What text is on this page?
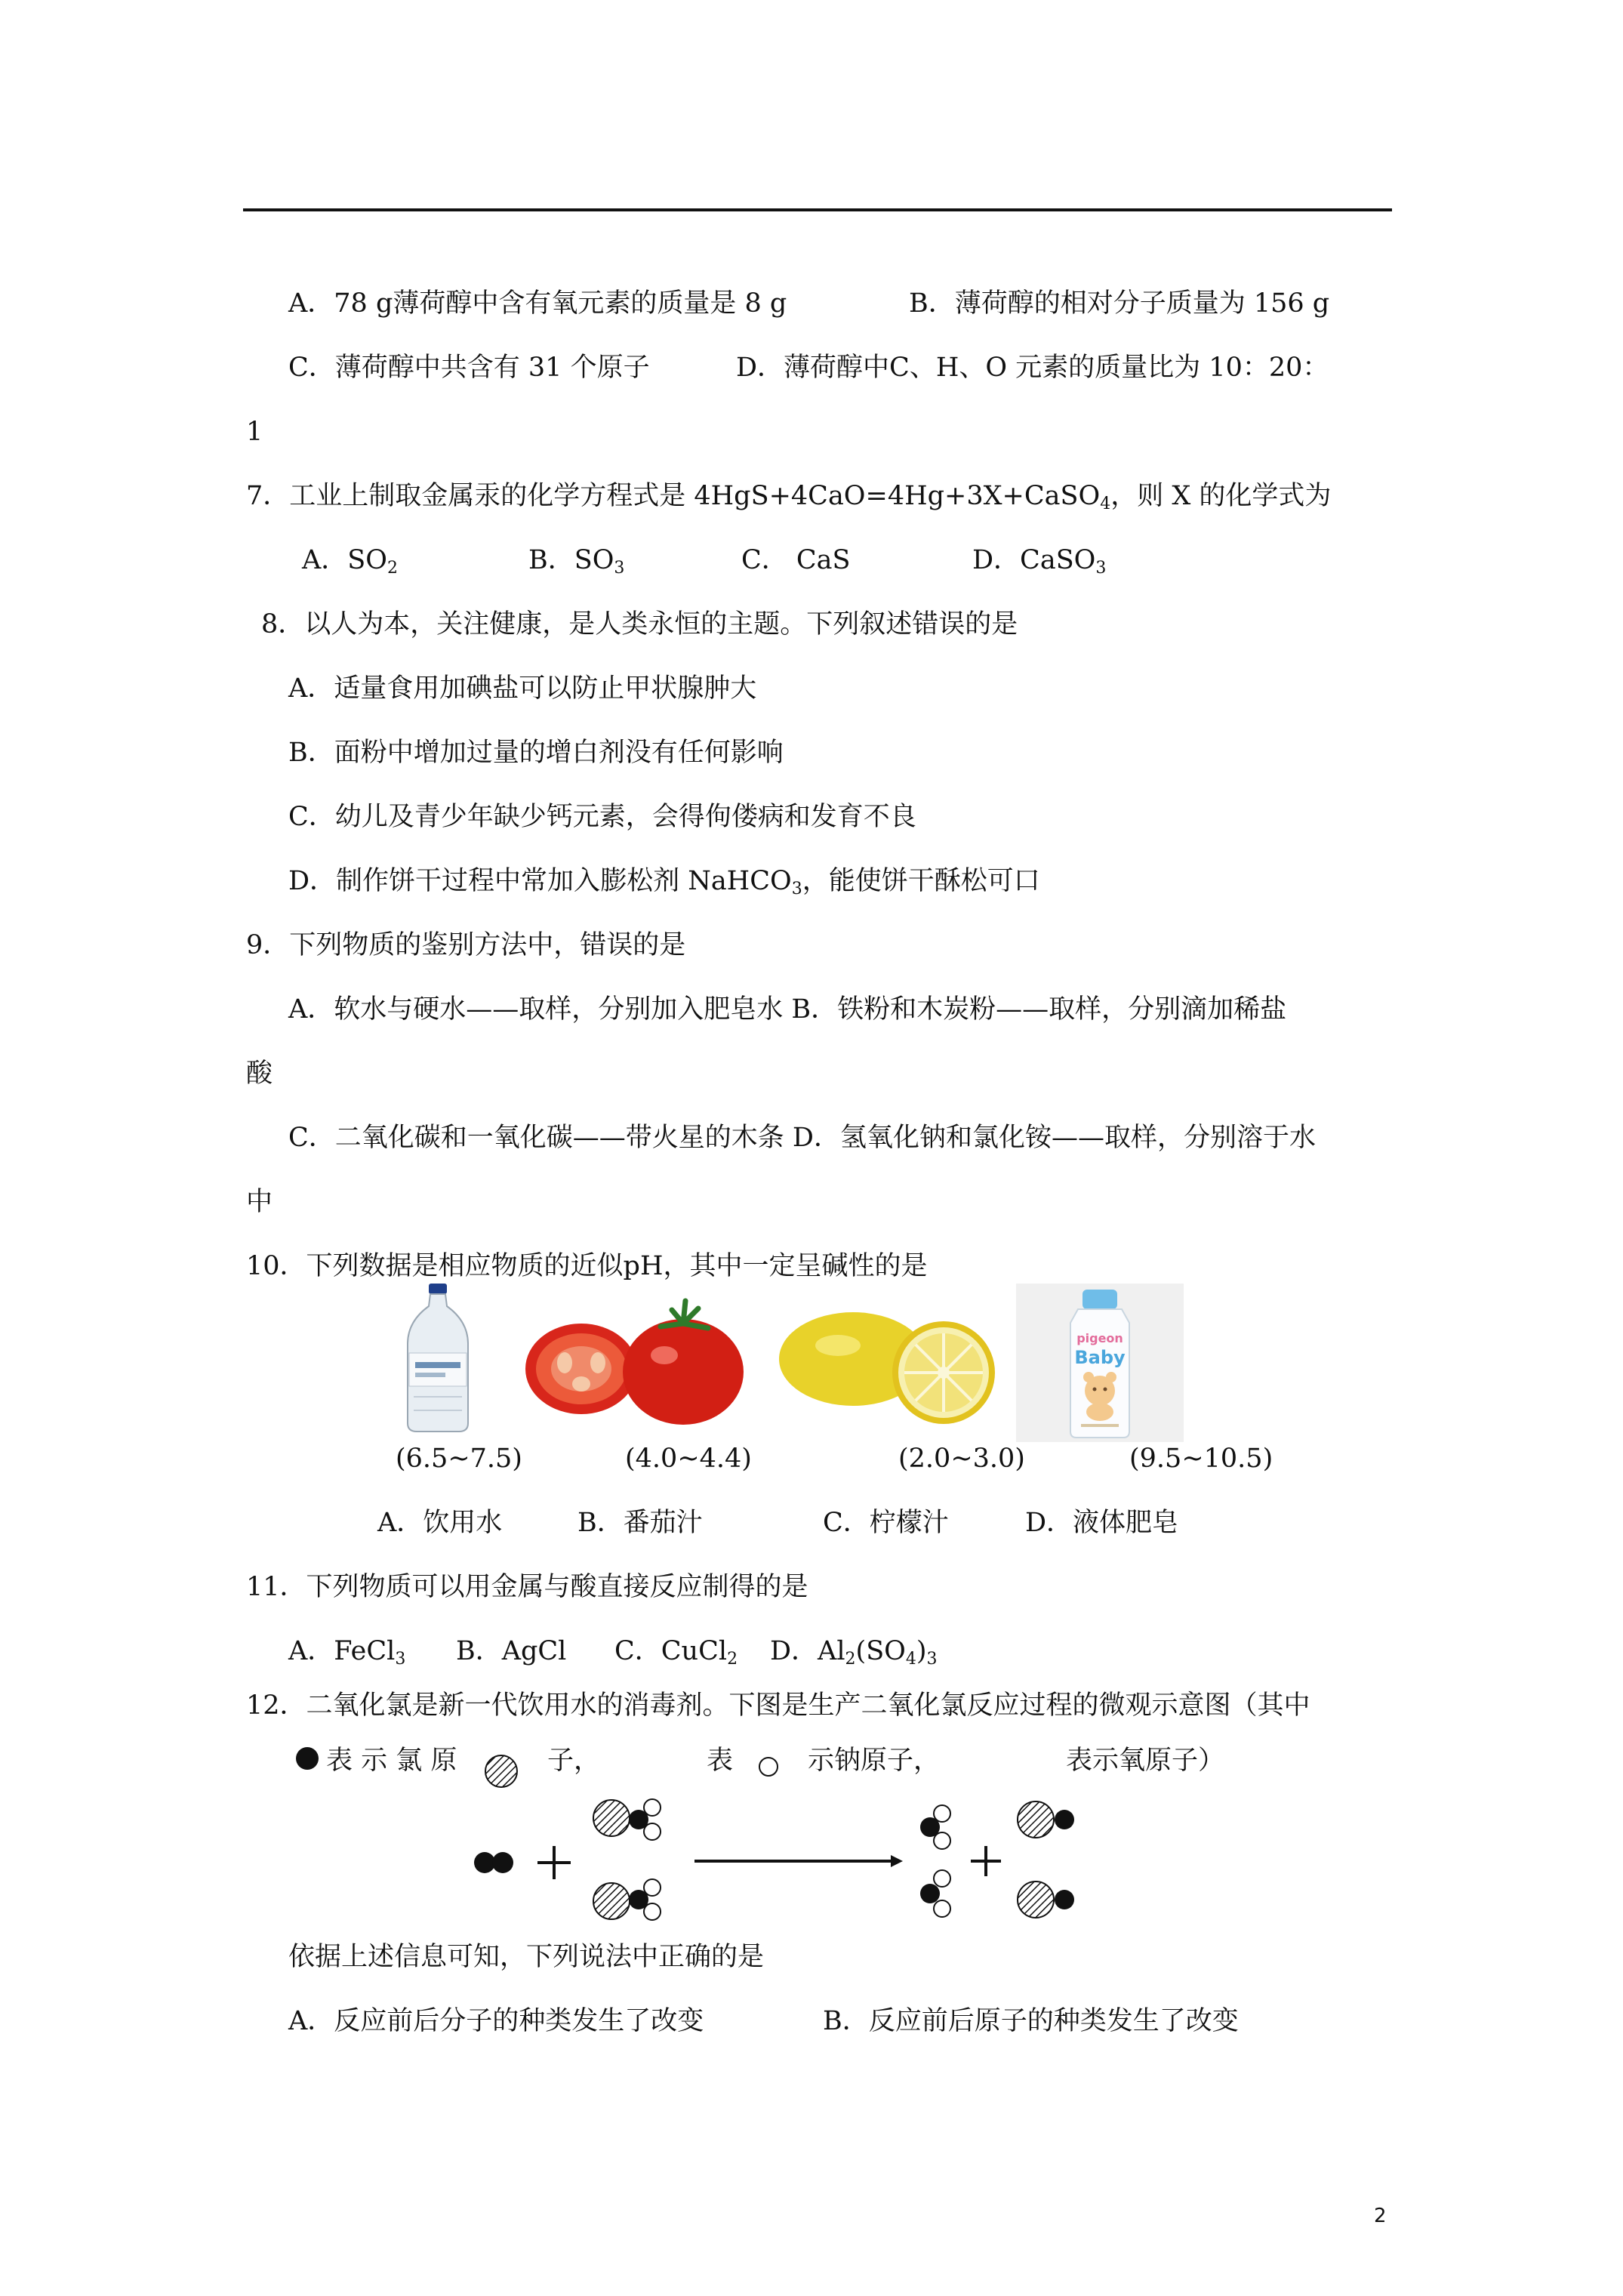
A．78 g薄荷醇中含有氧元素的质量是 8 g	B．薄荷醇的相对分子质量为 156 g
C．薄荷醇中共含有 31 个原子	D．薄荷醇中C、H、O 元素的质量比为 10：20：
1
7．工业上制取金属汞的化学方程式是 4HgS+4CaO=4Hg+3X+CaSO$_4$，则 X 的化学式为
A．$SO_2$	B．$SO_3$	C． CaS	D．CaSO$_3$
8．以人为本，关注健康，是人类永恒的主题。下列叙述错误的是
A．适量食用加碘盐可以防止甲状腺肿大
B．面粉中增加过量的增白剂没有任何影响
C．幼儿及青少年缺少钙元素，会得佝偻病和发育不良
D．制作饼干过程中常加入膨松剂 NaHCO$_3$，能使饼干酥松可口
9．下列物质的鉴别方法中，错误的是
A．软水与硬水——取样，分别加入肥皂水 B．铁粉和木炭粉——取样，分别滴加稀盐
酸
C．二氧化碳和一氧化碳——带火星的木条 D．氢氧化钠和氯化铵——取样，分别溶于水
中
10．下列数据是相应物质的近似pH，其中一定呈碱性的是
pigeon
Baby
(6.5~7.5)	(4.0~4.4)	(2.0~3.0)	(9.5~10.5)
A．饮用水	B．番茄汁	C．柠檬汁	D．液体肥皂
11．下列物质可以用金属与酸直接反应制得的是
A．FeCl$_3$ B．AgCl C．CuCl$_2$ D．$Al_2(SO_4)_3$
12．二氧化氯是新一代饮用水的消毒剂。下图是生产二氧化氯反应过程的微观示意图（其中
表 示 氯 原	子，	表	示钠原子，	表示氧原子）
依据上述信息可知，下列说法中正确的是
A．反应前后分子的种类发生了改变	B．反应前后原子的种类发生了改变
2
